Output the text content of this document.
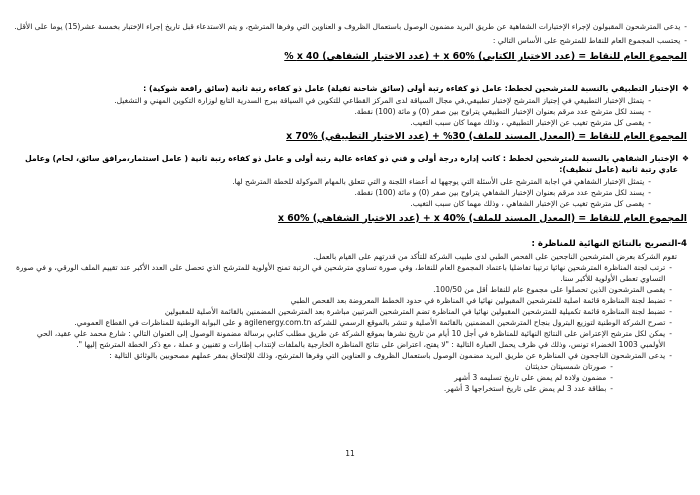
-
يدعى المترشحون المقبولون لإجراء الإختبارات الشفاهية عن طريق البريد مضمون الوصول باستعمال الظروف و العناوين التي وفرها المترشح، و يتم الاستدعاء قبل تاريخ إجراء الإختبار بخمسة عشر(15) يوما على الأقل.
-
يحتسب المجموع العام للنقاط للمترشح على الأساس التالي :
المجموع العام للنقاط = (عدد الاختبار الكتابي) x 60% + (عدد الاختبار الشفاهي) x 40 %
❖
الإختبار التطبيقي بالنسبة للمترشحين لخطط: عامل ذو كفاءة رتبة أولى (سائق شاحنة ثقيلة) عامل ذو كفاءة رتبة ثانية (سائق رافعة شوكية) :
-
يتمثل الإختبار التطبيقي في إجتياز المترشح لإختبار تطبيقي,في مجال السياقة لدى المركز القطاعي للتكوين في السياقة ببرج السدرية التابع لوزارة التكوين المهني و التشغيل.
-
يسند لكل مترشح عدد مرقم بعنوان الإختبار التطبيقي يتراوح بين صفر (0) و مائة (100) نقطة.
-
يقصى كل مترشح تغيب عن الإختبار التطبيقي ، وذلك مهما كان سبب التغيب.
المجموع العام للنقاط = (المعدل المسند للملف) 30% + (عدد الاختبار التطبيقي) x 70%
❖
الإختبار الشفاهي بالنسبة للمترشحين لخطط : كاتب إدارة درجة أولى و فني ذو كفاءة عالية رتبة أولى و عامل ذو كفاءة رتبة ثانية ( عامل استثمار،مرافق سائق، لحام) وعامل عادي رتبة ثانية (عامل تنظيف):
-
يتمثل الإختبار الشفاهي في اجابة المترشح على الأسئلة التي يوجهها له أعضاء اللجنة و التي تتعلق بالمهام الموكولة للخطة المترشح لها.
-
يسند لكل مترشح عدد مرقم بعنوان الإختبار الشفاهي يتراوح بين صفر (0) و مائة (100) نقطة.
-
يقصى كل مترشح تغيب عن الإختبار الشفاهي ، وذلك مهما كان سبب التغيب.
المجموع العام للنقاط = (المعدل المسند للملف) x 40% + (عدد الاختبار الشفاهي) x 60%
4-التصريح بالنتائج النهائية للمناظرة :
تقوم الشركة بعرض المترشحين الناجحين على الفحص الطبي لدى طبيب الشركة للتأكد من قدرتهم على القيام بالعمل.
-
ترتب لجنة المناظرة المترشحين نهائيا ترتيبا تفاضليا باعتماد المجموع العام للنقاط، وفي صورة تساوي مترشحين في الرتبة تمنح الأولوية للمترشح الذي تحصل على العدد الأكبر عند تقييم الملف الورقي، و في صورة التساوي تعطى الأولوية للأكبر سنا.
-
يقصى المترشحون الذين تحصلوا على مجموع عام للنقاط أقل من 100/50.
-
تضبط لجنة المناظرة قائمة اصلية للمترشحين المقبولين نهائيا في المناظرة في حدود الخطط المعروضة بعد الفحص الطبي
-
تضبط لجنة المناظرة قائمة تكميلية للمترشحين المقبولين نهائيا في المناظرة تضم المترشحين المرتبين مباشرة بعد المترشحين المضمنين بالقائمة الأصلية للمقبولين
-
تصرح الشركة الوطنية لتوزيع البترول بنجاح المترشحين المضمنين بالقائمة الأصلية و تنشر بالموقع الرسمي للشركة agilenergy.com.tn و على البوابة الوطنية للمناظرات في القطاع العمومي.
-
يمكن لكل مترشح الإعتراض على النتائج النهائية للمناظرة في أجل 10 أيام من تاريخ نشرها بموقع الشركة عن طريق مطلب كتابي برسالة مضمونة الوصول إلى العنوان التالي : شارع محمد علي عقيد، الحي الأولمبي 1003 الخضراء تونس، وذلك في ظرف يحمل العبارة التالية : "لا يفتح، اعتراض على نتائج المناظرة الخارجية بالملفات لإنتداب إطارات و تقنيين و عملة ، مع ذكر الخطة المترشح إليها ".
-
يدعى المترشحون الناجحون في المناظرة عن طريق البريد مضمون الوصول باستعمال الظروف و العناوين التي وفرها المترشح، وذلك للإلتحاق بمقر عملهم مصحوبين بالوثائق التالية :
-
صورتان شمسيتان حديثتان
-
مضمون ولادة لم يمض على تاريخ تسليمه 3 أشهر
-
بطاقة عدد 3 لم يمض على تاريخ استخراجها 3 أشهر.
11
